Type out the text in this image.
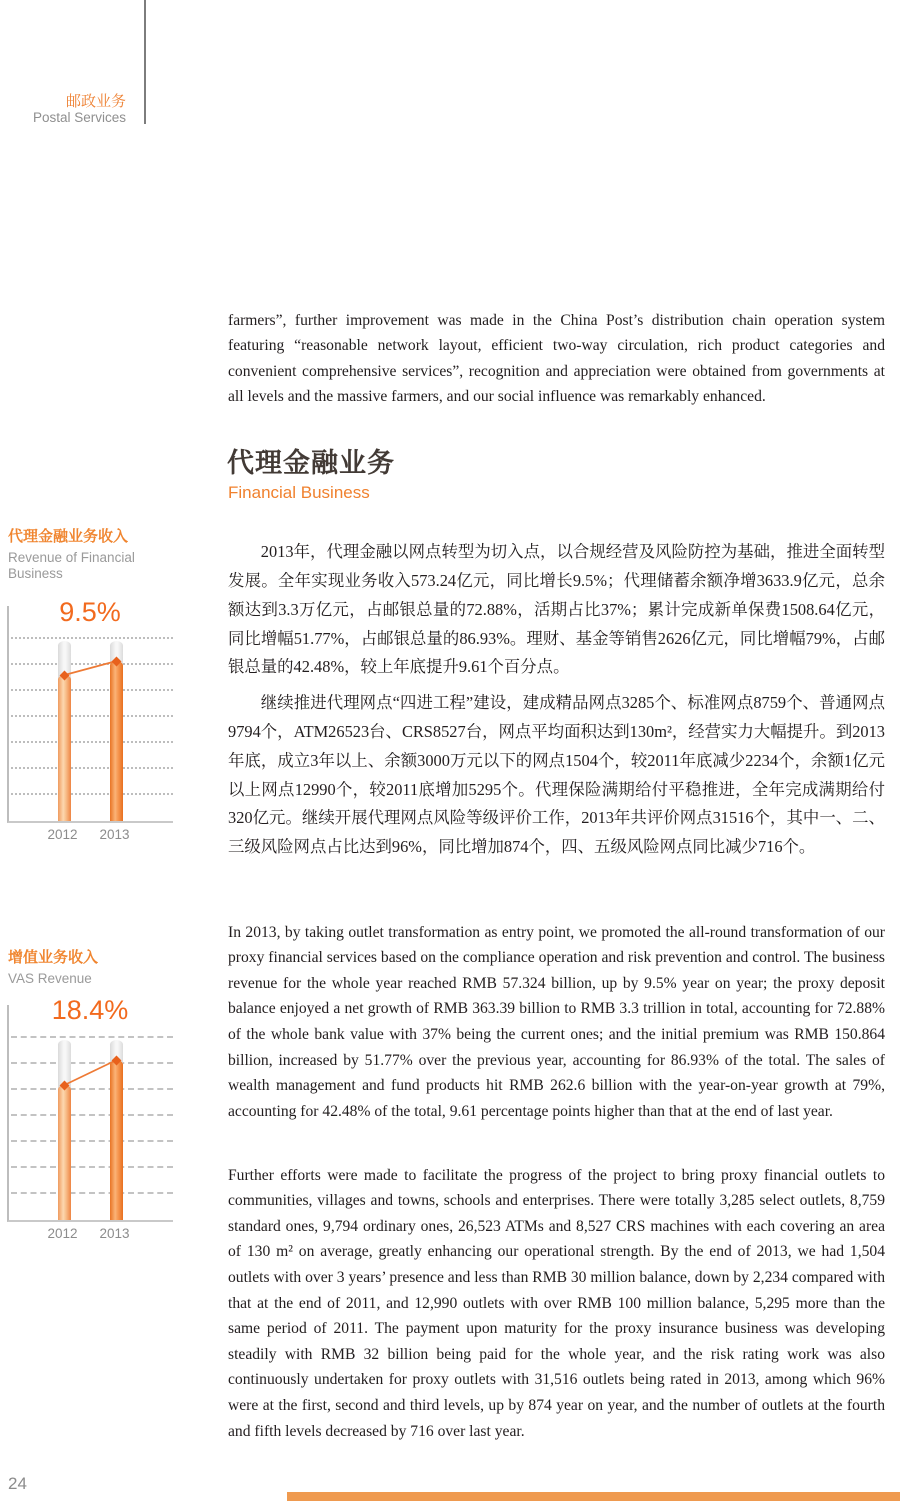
邮政业务
Postal Services

farmers”, further improvement was made in the China Post’s distribution chain operation system featuring “reasonable network layout, efficient two-way circulation, rich product categories and convenient comprehensive services”, recognition and appreciation were obtained from governments at all levels and the massive farmers, and our social influence was remarkably enhanced.

代理金融业务
Financial Business

2013年，代理金融以网点转型为切入点，以合规经营及风险防控为基础，推进全面转型发展。全年实现业务收入573.24亿元，同比增长9.5%；代理储蓄余额净增3633.9亿元，总余额达到3.3万亿元，占邮银总量的72.88%，活期占比37%；累计完成新单保费1508.64亿元，同比增幅51.77%，占邮银总量的86.93%。理财、基金等销售2626亿元，同比增幅79%，占邮银总量的42.48%，较上年底提升9.61个百分点。

继续推进代理网点“四进工程”建设，建成精品网点3285个、标准网点8759个、普通网点9794个，ATM26523台、CRS8527台，网点平均面积达到130m²，经营实力大幅提升。到2013年底，成立3年以上、余额3000万元以下的网点1504个，较2011年底减少2234个，余额1亿元以上网点12990个，较2011底增加5295个。代理保险满期给付平稳推进，全年完成满期给付320亿元。继续开展代理网点风险等级评价工作，2013年共评价网点31516个，其中一、二、三级风险网点占比达到96%，同比增加874个，四、五级风险网点同比减少716个。

In 2013, by taking outlet transformation as entry point, we promoted the all-round transformation of our proxy financial services based on the compliance operation and risk prevention and control. The business revenue for the whole year reached RMB 57.324 billion, up by 9.5% year on year; the proxy deposit balance enjoyed a net growth of RMB 363.39 billion to RMB 3.3 trillion in total, accounting for 72.88% of the whole bank value with 37% being the current ones; and the initial premium was RMB 150.864 billion, increased by 51.77% over the previous year, accounting for 86.93% of the total. The sales of wealth management and fund products hit RMB 262.6 billion with the year-on-year growth at 79%, accounting for 42.48% of the total, 9.61 percentage points higher than that at the end of last year.

Further efforts were made to facilitate the progress of the project to bring proxy financial outlets to communities, villages and towns, schools and enterprises. There were totally 3,285 select outlets, 8,759 standard ones, 9,794 ordinary ones, 26,523 ATMs and 8,527 CRS machines with each covering an area of 130 m² on average, greatly enhancing our operational strength. By the end of 2013, we had 1,504 outlets with over 3 years’ presence and less than RMB 30 million balance, down by 2,234 compared with that at the end of 2011, and 12,990 outlets with over RMB 100 million balance, 5,295 more than the same period of 2011. The payment upon maturity for the proxy insurance business was developing steadily with RMB 32 billion being paid for the whole year, and the risk rating work was also continuously undertaken for proxy outlets with 31,516 outlets being rated in 2013, among which 96% were at the first, second and third levels, up by 874 year on year, and the number of outlets at the fourth and fifth levels decreased by 716 over last year.

代理金融业务收入
Revenue of Financial Business
9.5%
2012	2013
增值业务收入
VAS Revenue
18.4%
2012	2013
24
